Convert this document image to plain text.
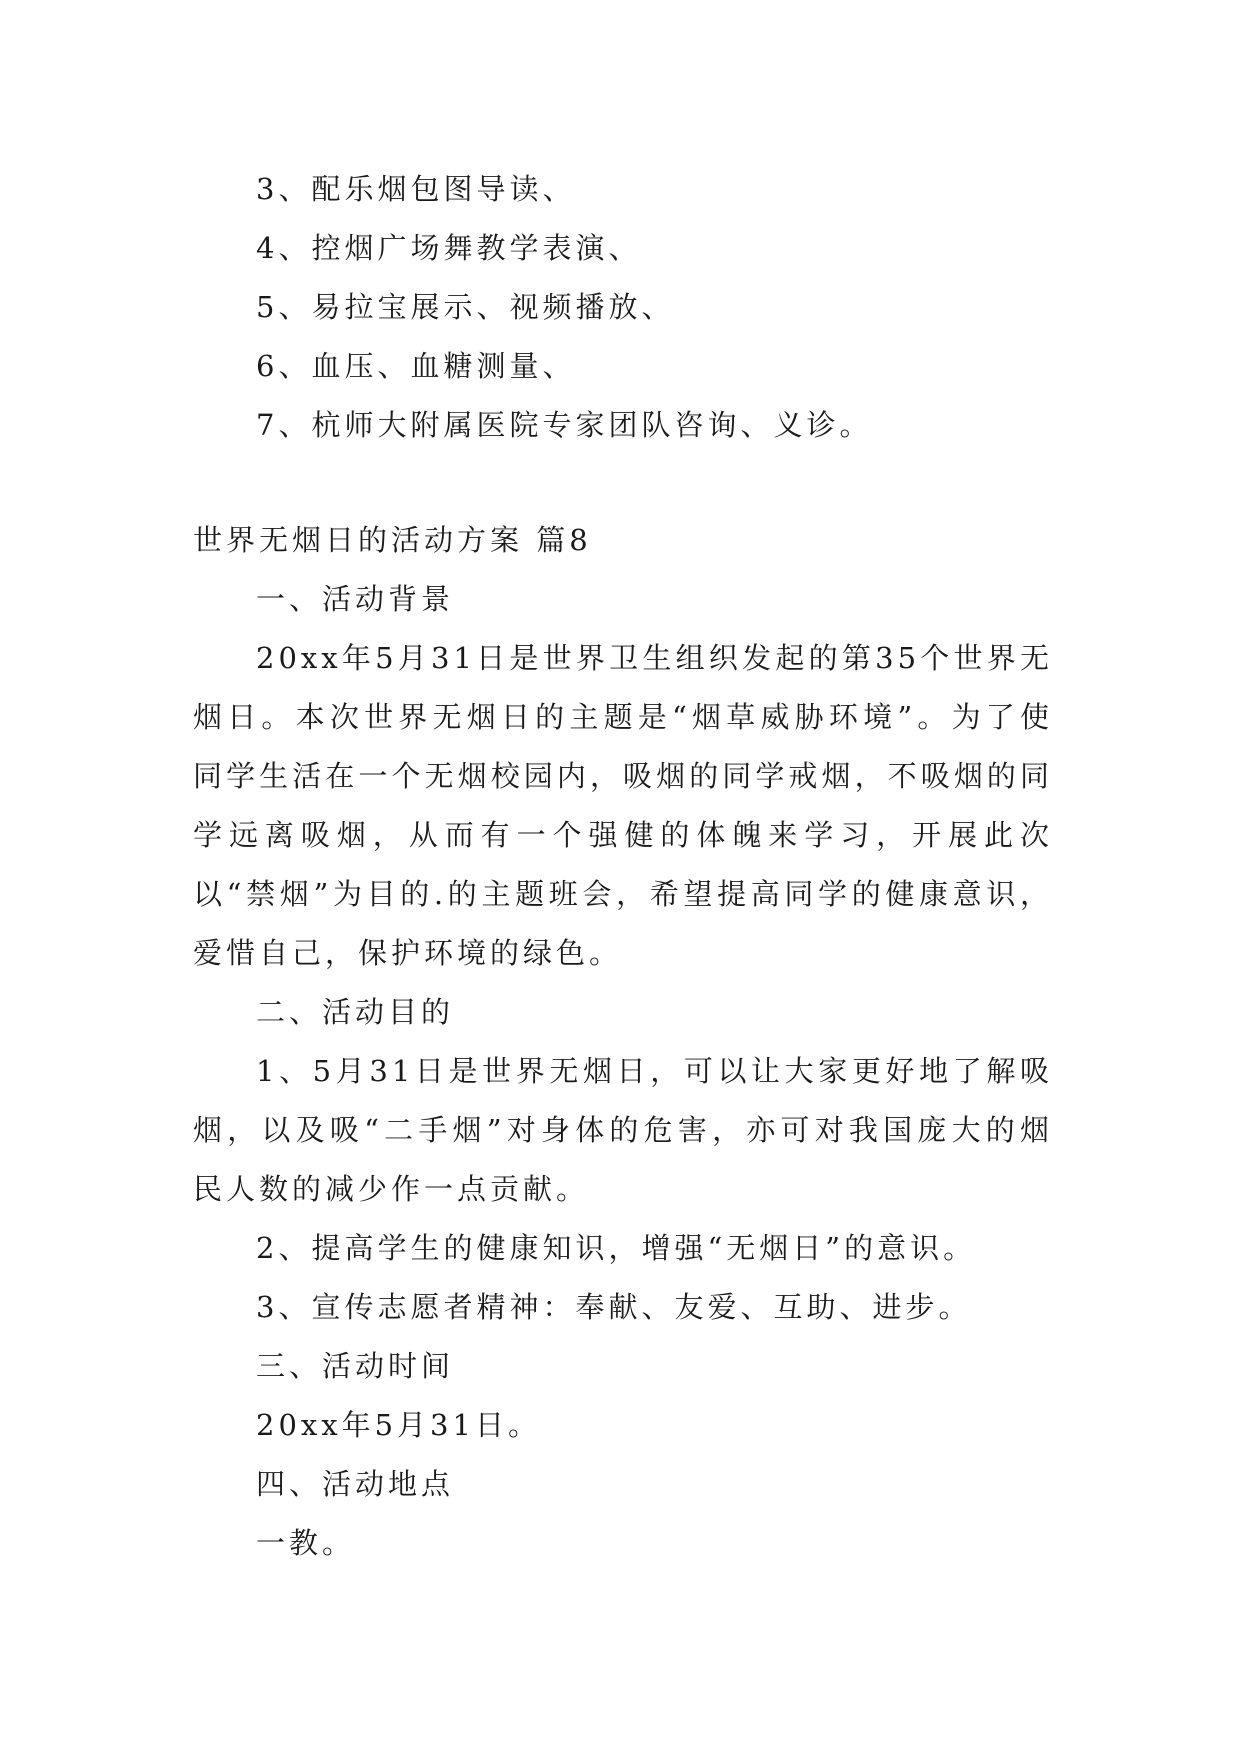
3、配乐烟包图导读、

4、控烟广场舞教学表演、

5、易拉宝展示、视频播放、

6、血压、血糖测量、

7、杭师大附属医院专家团队咨询、义诊。

世界无烟日的活动方案 篇8

一、活动背景

20xx年5月31日是世界卫生组织发起的第35个世界无烟日。本次世界无烟日的主题是“烟草威胁环境”。为了使同学生活在一个无烟校园内，吸烟的同学戒烟，不吸烟的同学远离吸烟，从而有一个强健的体魄来学习，开展此次以“禁烟”为目的.的主题班会，希望提高同学的健康意识，爱惜自己，保护环境的绿色。

二、活动目的

1、5月31日是世界无烟日，可以让大家更好地了解吸烟，以及吸“二手烟”对身体的危害，亦可对我国庞大的烟民人数的减少作一点贡献。

2、提高学生的健康知识，增强“无烟日”的意识。

3、宣传志愿者精神：奉献、友爱、互助、进步。

三、活动时间

20xx年5月31日。

四、活动地点

一教。
